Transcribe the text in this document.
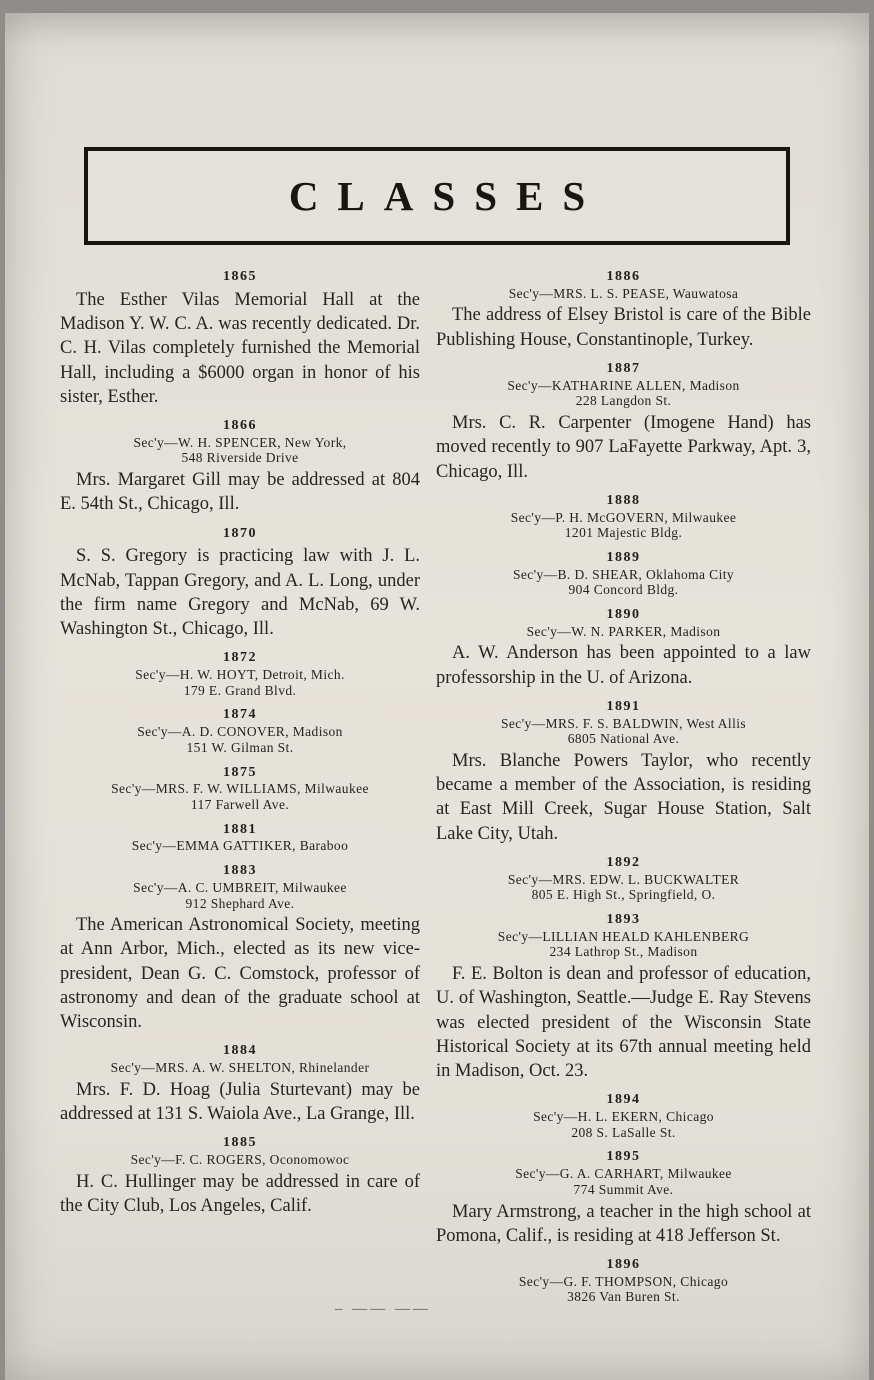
CLASSES
1865

The Esther Vilas Memorial Hall at the Madison Y. W. C. A. was recently dedicated. Dr. C. H. Vilas completely furnished the Memorial Hall, including a $6000 organ in honor of his sister, Esther.

1866
Sec'y—W. H. SPENCER, New York,
548 Riverside Drive

Mrs. Margaret Gill may be addressed at 804 E. 54th St., Chicago, Ill.

1870

S. S. Gregory is practicing law with J. L. McNab, Tappan Gregory, and A. L. Long, under the firm name Gregory and McNab, 69 W. Washington St., Chicago, Ill.

1872
Sec'y—H. W. HOYT, Detroit, Mich.
179 E. Grand Blvd.
1874
Sec'y—A. D. CONOVER, Madison
151 W. Gilman St.
1875
Sec'y—MRS. F. W. WILLIAMS, Milwaukee
117 Farwell Ave.
1881
Sec'y—EMMA GATTIKER, Baraboo
1883
Sec'y—A. C. UMBREIT, Milwaukee
912 Shephard Ave.

The American Astronomical Society, meeting at Ann Arbor, Mich., elected as its new vice-president, Dean G. C. Comstock, professor of astronomy and dean of the graduate school at Wisconsin.

1884
Sec'y—MRS. A. W. SHELTON, Rhinelander

Mrs. F. D. Hoag (Julia Sturtevant) may be addressed at 131 S. Waiola Ave., La Grange, Ill.

1885
Sec'y—F. C. ROGERS, Oconomowoc

H. C. Hullinger may be addressed in care of the City Club, Los Angeles, Calif.

1886
Sec'y—MRS. L. S. PEASE, Wauwatosa

The address of Elsey Bristol is care of the Bible Publishing House, Constantinople, Turkey.

1887
Sec'y—KATHARINE ALLEN, Madison
228 Langdon St.

Mrs. C. R. Carpenter (Imogene Hand) has moved recently to 907 LaFayette Parkway, Apt. 3, Chicago, Ill.

1888
Sec'y—P. H. McGOVERN, Milwaukee
1201 Majestic Bldg.
1889
Sec'y—B. D. SHEAR, Oklahoma City
904 Concord Bldg.
1890
Sec'y—W. N. PARKER, Madison

A. W. Anderson has been appointed to a law professorship in the U. of Arizona.

1891
Sec'y—MRS. F. S. BALDWIN, West Allis
6805 National Ave.

Mrs. Blanche Powers Taylor, who recently became a member of the Association, is residing at East Mill Creek, Sugar House Station, Salt Lake City, Utah.

1892
Sec'y—MRS. EDW. L. BUCKWALTER
805 E. High St., Springfield, O.
1893
Sec'y—LILLIAN HEALD KAHLENBERG
234 Lathrop St., Madison

F. E. Bolton is dean and professor of education, U. of Washington, Seattle.—Judge E. Ray Stevens was elected president of the Wisconsin State Historical Society at its 67th annual meeting held in Madison, Oct. 23.

1894
Sec'y—H. L. EKERN, Chicago
208 S. LaSalle St.
1895
Sec'y—G. A. CARHART, Milwaukee
774 Summit Ave.

Mary Armstrong, a teacher in the high school at Pomona, Calif., is residing at 418 Jefferson St.

1896
Sec'y—G. F. THOMPSON, Chicago
3826 Van Buren St.
– —— ——
